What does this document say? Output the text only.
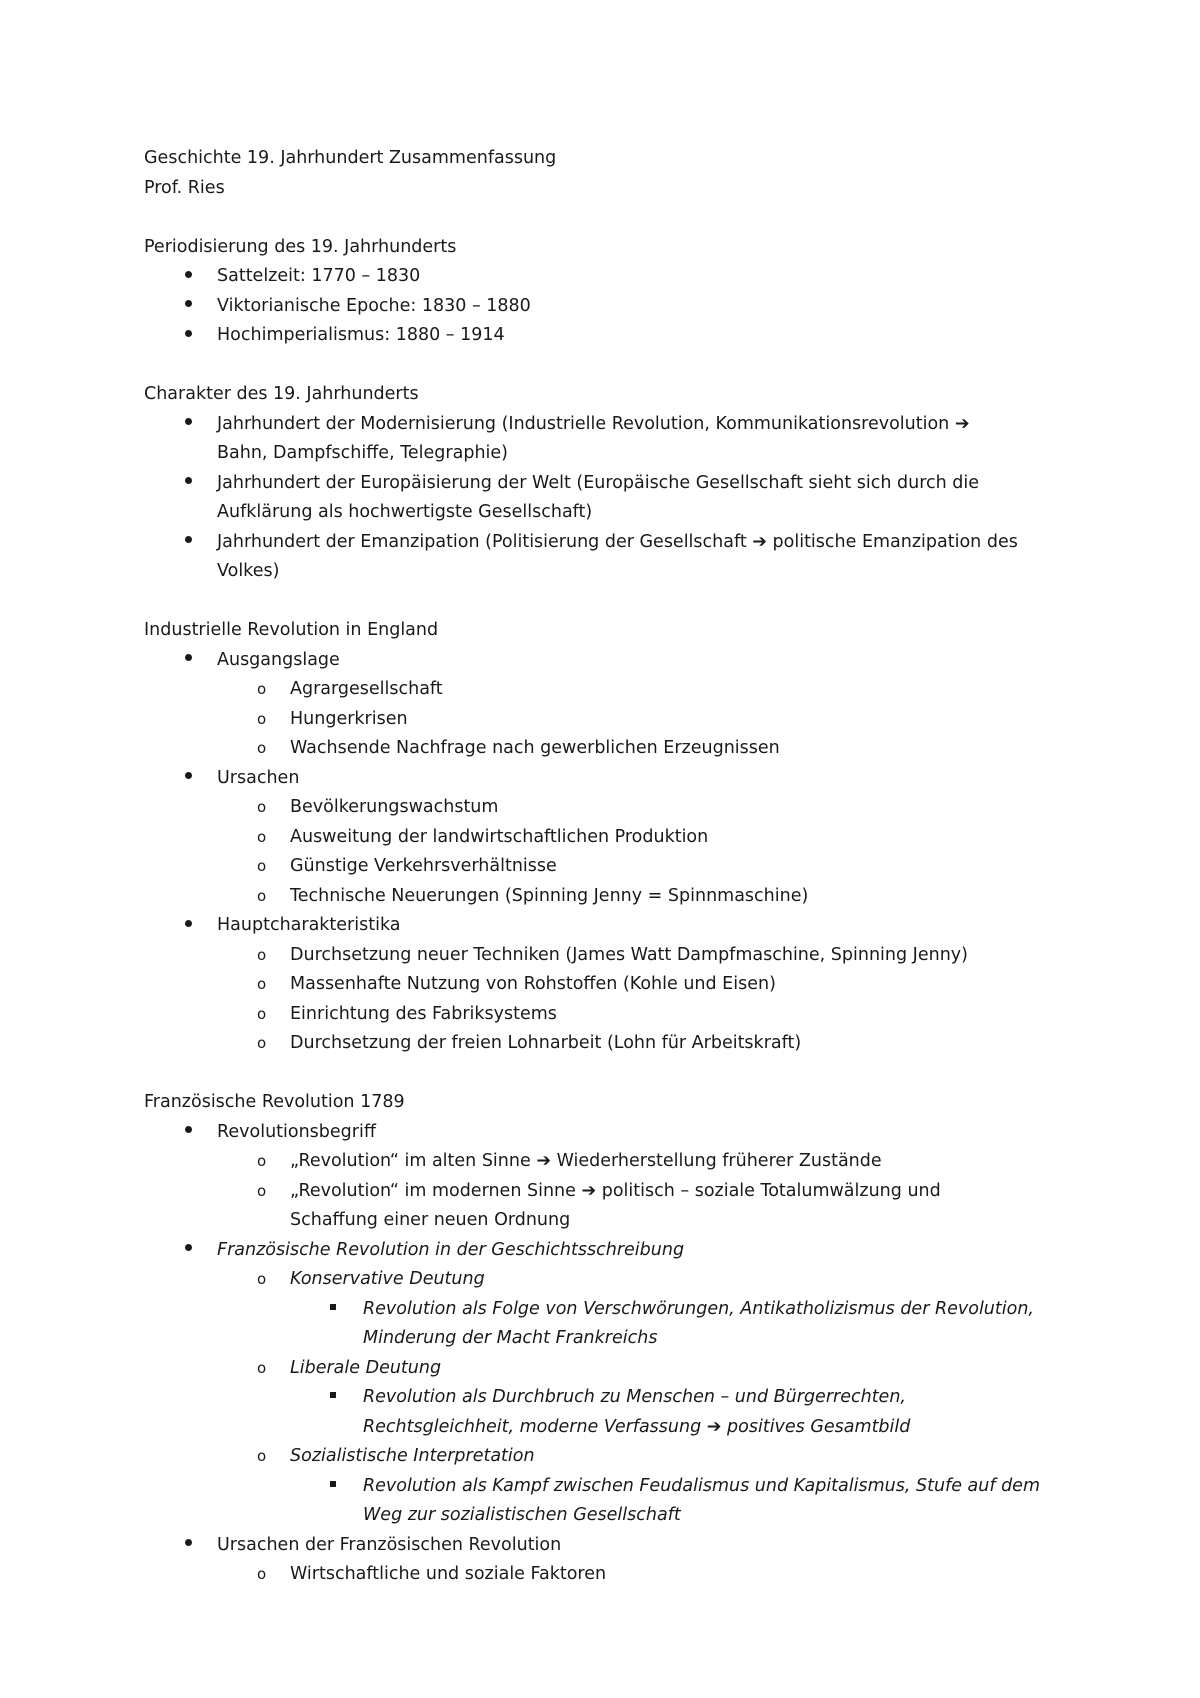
Geschichte 19. Jahrhundert Zusammenfassung
Prof. Ries
Periodisierung des 19. Jahrhunderts
Sattelzeit: 1770 – 1830
Viktorianische Epoche: 1830 – 1880
Hochimperialismus: 1880 – 1914
Charakter des 19. Jahrhunderts
Jahrhundert der Modernisierung (Industrielle Revolution, Kommunikationsrevolution ➔
Bahn, Dampfschiffe, Telegraphie)
Jahrhundert der Europäisierung der Welt (Europäische Gesellschaft sieht sich durch die Aufklärung als hochwertigste Gesellschaft)
Jahrhundert der Emanzipation (Politisierung der Gesellschaft ➔ politische Emanzipation des Volkes)
Industrielle Revolution in England
Ausgangslage
o	Agrargesellschaft
o	Hungerkrisen
o	Wachsende Nachfrage nach gewerblichen Erzeugnissen
Ursachen
o	Bevölkerungswachstum
o	Ausweitung der landwirtschaftlichen Produktion
o	Günstige Verkehrsverhältnisse
o	Technische Neuerungen (Spinning Jenny = Spinnmaschine)
Hauptcharakteristika
o	Durchsetzung neuer Techniken (James Watt Dampfmaschine, Spinning Jenny)
o	Massenhafte Nutzung von Rohstoffen (Kohle und Eisen)
o	Einrichtung des Fabriksystems
o	Durchsetzung der freien Lohnarbeit (Lohn für Arbeitskraft)
Französische Revolution 1789
Revolutionsbegriff
o	„Revolution“ im alten Sinne ➔ Wiederherstellung früherer Zustände
o	„Revolution“ im modernen Sinne ➔ politisch – soziale Totalumwälzung und Schaffung einer neuen Ordnung
Französische Revolution in der Geschichtsschreibung
o	Konservative Deutung
Revolution als Folge von Verschwörungen, Antikatholizismus der Revolution, Minderung der Macht Frankreichs
o	Liberale Deutung
Revolution als Durchbruch zu Menschen – und Bürgerrechten, Rechtsgleichheit, moderne Verfassung ➔ positives Gesamtbild
o	Sozialistische Interpretation
Revolution als Kampf zwischen Feudalismus und Kapitalismus, Stufe auf dem Weg zur sozialistischen Gesellschaft
Ursachen der Französischen Revolution
o	Wirtschaftliche und soziale Faktoren
